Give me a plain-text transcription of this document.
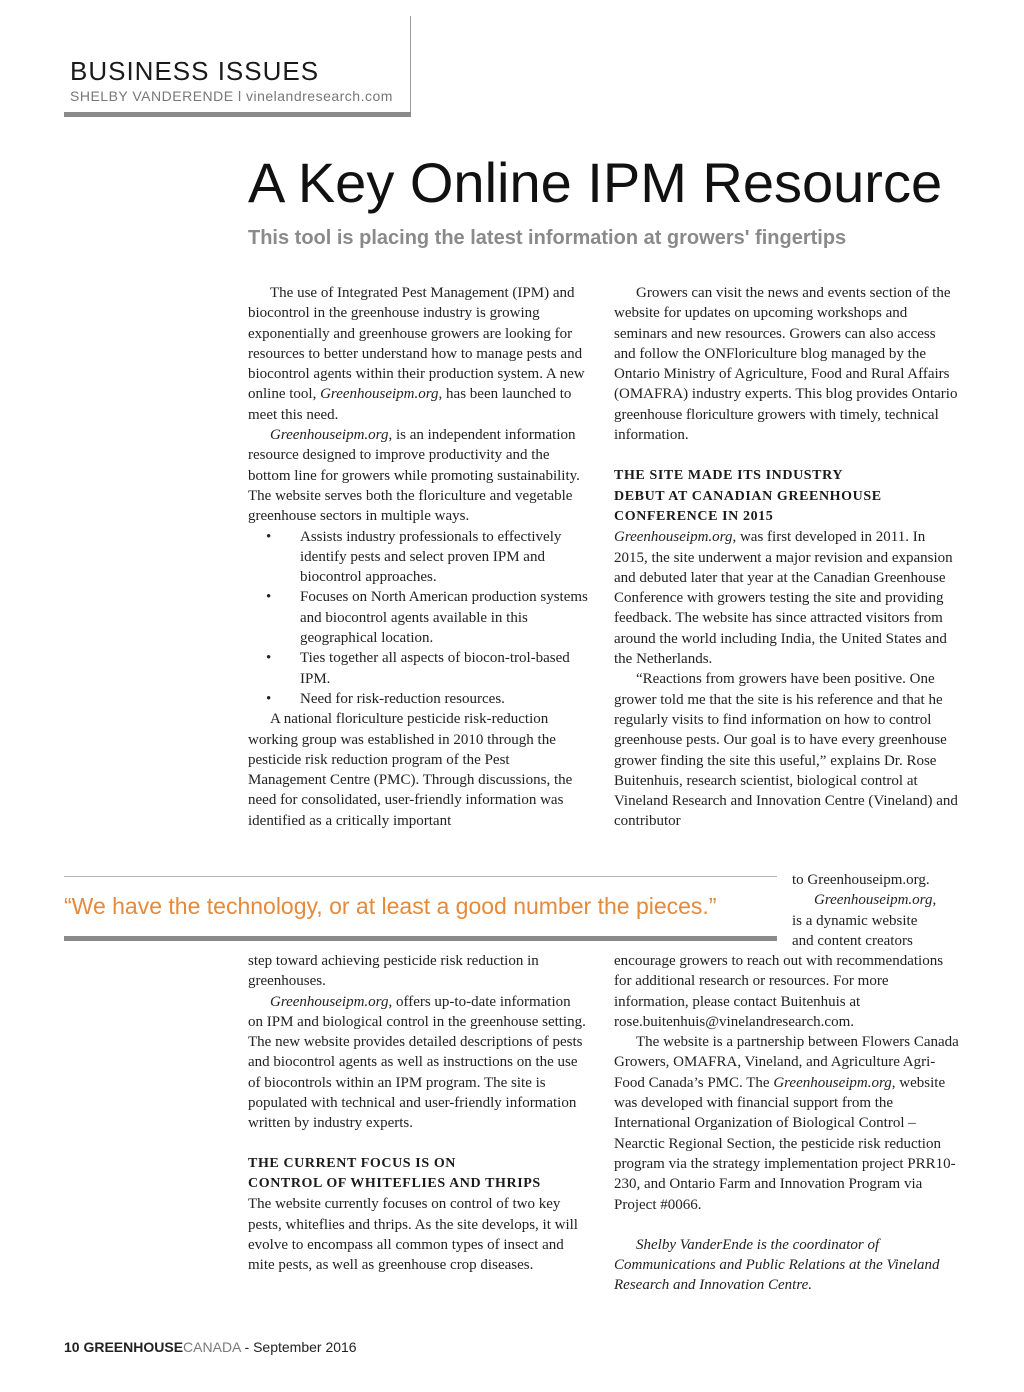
BUSINESS ISSUES
SHELBY VANDERENDE l vinelandresearch.com
A Key Online IPM Resource
This tool is placing the latest information at growers' fingertips

The use of Integrated Pest Management (IPM) and biocontrol in the greenhouse industry is growing exponentially and greenhouse growers are looking for resources to better understand how to manage pests and biocontrol agents within their production system. A new online tool, Greenhouseipm.org, has been launched to meet this need.

Greenhouseipm.org, is an independent information resource designed to improve productivity and the bottom line for growers while promoting sustainability. The website serves both the floriculture and vegetable greenhouse sectors in multiple ways.

•	Assists industry professionals to effectively identify pests and select proven IPM and biocontrol approaches.
•	Focuses on North American production systems and biocontrol agents available in this geographical location.
•	Ties together all aspects of biocon-trol-based IPM.
•	Need for risk-reduction resources.

A national floriculture pesticide risk-reduction working group was established in 2010 through the pesticide risk reduction program of the Pest Management Centre (PMC). Through discussions, the need for consolidated, user-friendly information was identified as a critically important

Growers can visit the news and events section of the website for updates on upcoming workshops and seminars and new resources. Growers can also access and follow the ONFloriculture blog managed by the Ontario Ministry of Agriculture, Food and Rural Affairs (OMAFRA) industry experts. This blog provides Ontario greenhouse floriculture growers with timely, technical information.

THE SITE MADE ITS INDUSTRY
DEBUT AT CANADIAN GREENHOUSE
CONFERENCE IN 2015

Greenhouseipm.org, was first developed in 2011. In 2015, the site underwent a major revision and expansion and debuted later that year at the Canadian Greenhouse Conference with growers testing the site and providing feedback. The website has since attracted visitors from around the world including India, the United States and the Netherlands.

“Reactions from growers have been positive. One grower told me that the site is his reference and that he regularly visits to find information on how to control greenhouse pests. Our goal is to have every greenhouse grower finding the site this useful,” explains Dr. Rose Buitenhuis, research scientist, biological control at Vineland Research and Innovation Centre (Vineland) and contributor

to Greenhouseipm.org.
Greenhouseipm.org,
is a dynamic website
and content creators
“We have the technology, or at least a good number the pieces.”

step toward achieving pesticide risk reduction in greenhouses.

Greenhouseipm.org, offers up-to-date information on IPM and biological control in the greenhouse setting. The new website provides detailed descriptions of pests and biocontrol agents as well as instructions on the use of biocontrols within an IPM program. The site is populated with technical and user-friendly information written by industry experts.

THE CURRENT FOCUS IS ON
CONTROL OF WHITEFLIES AND THRIPS

The website currently focuses on control of two key pests, whiteflies and thrips. As the site develops, it will evolve to encompass all common types of insect and mite pests, as well as greenhouse crop diseases.

encourage growers to reach out with recommendations for additional research or resources. For more information, please contact Buitenhuis at rose.buitenhuis@vinelandresearch.com.

The website is a partnership between Flowers Canada Growers, OMAFRA, Vineland, and Agriculture Agri-Food Canada’s PMC. The Greenhouseipm.org, website was developed with financial support from the International Organization of Biological Control – Nearctic Regional Section, the pesticide risk reduction program via the strategy implementation project PRR10-230, and Ontario Farm and Innovation Program via Project #0066.

Shelby VanderEnde is the coordinator of Communications and Public Relations at the Vineland Research and Innovation Centre.

10 GREENHOUSECANADA - September 2016
